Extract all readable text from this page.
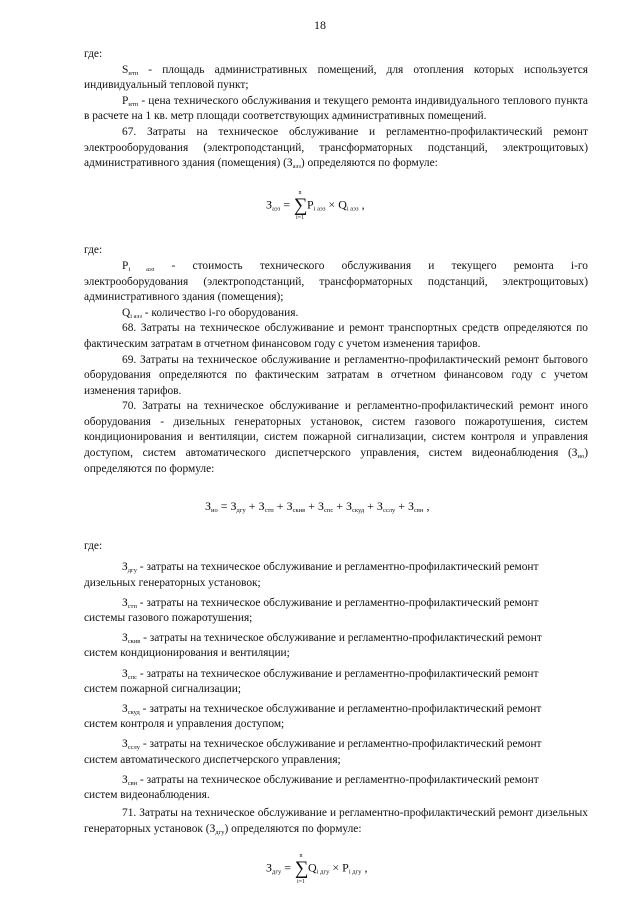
18

где:

$S_{итп}$ - площадь административных помещений, для отопления которых используется индивидуальный тепловой пункт;

$P_{итп}$ - цена технического обслуживания и текущего ремонта индивидуального теплового пункта в расчете на 1 кв. метр площади соответствующих административных помещений.

67. Затраты на техническое обслуживание и регламентно-профилактический ремонт электрооборудования (электроподстанций, трансформаторных подстанций, электрощитовых) административного здания (помещения) $(З_{аэз})$ определяются по формуле:

$З_{аэз}$ =
n
∑
i=1
$P_{i аэз} \times Q_{i аэз}$ ,

где:

$P_{i аэз}$ - стоимость технического обслуживания и текущего ремонта i-го

электрооборудования (электроподстанций, трансформаторных подстанций, электрощитовых) административного здания (помещения);

$Q_{i аэз}$ - количество i-го оборудования.

68. Затраты на техническое обслуживание и ремонт транспортных средств определяются по фактическим затратам в отчетном финансовом году с учетом изменения тарифов.

69. Затраты на техническое обслуживание и регламентно-профилактический ремонт бытового оборудования определяются по фактическим затратам в отчетном финансовом году с учетом изменения тарифов.

70. Затраты на техническое обслуживание и регламентно-профилактический ремонт иного оборудования - дизельных генераторных установок, систем газового пожаротушения, систем кондиционирования и вентиляции, систем пожарной сигнализации, систем контроля и управления доступом, систем автоматического диспетчерского управления, систем видеонаблюдения $(З_{ио})$ определяются по формуле:

$З_{ио} = З_{дгу} + З_{стп} + З_{скив} + З_{спс} + З_{скуд} + З_{сслу} + З_{свн}$ ,

где:

$З_{дгу}$ - затраты на техническое обслуживание и регламентно-профилактический ремонт
дизельных генераторных установок;

$З_{стп}$ - затраты на техническое обслуживание и регламентно-профилактический ремонт
системы газового пожаротушения;

$З_{скив}$ - затраты на техническое обслуживание и регламентно-профилактический ремонт
систем кондиционирования и вентиляции;

$З_{спс}$ - затраты на техническое обслуживание и регламентно-профилактический ремонт
систем пожарной сигнализации;

$З_{скуд}$ - затраты на техническое обслуживание и регламентно-профилактический ремонт
систем контроля и управления доступом;

$З_{сслу}$ - затраты на техническое обслуживание и регламентно-профилактический ремонт
систем автоматического диспетчерского управления;

$З_{свн}$ - затраты на техническое обслуживание и регламентно-профилактический ремонт
систем видеонаблюдения.

71. Затраты на техническое обслуживание и регламентно-профилактический ремонт дизельных генераторных установок $(З_{дгу})$ определяются по формуле:

$З_{дгу}$ =
n
∑
i=1
$Q_{i дгу} \times P_{i дгу}$ ,
